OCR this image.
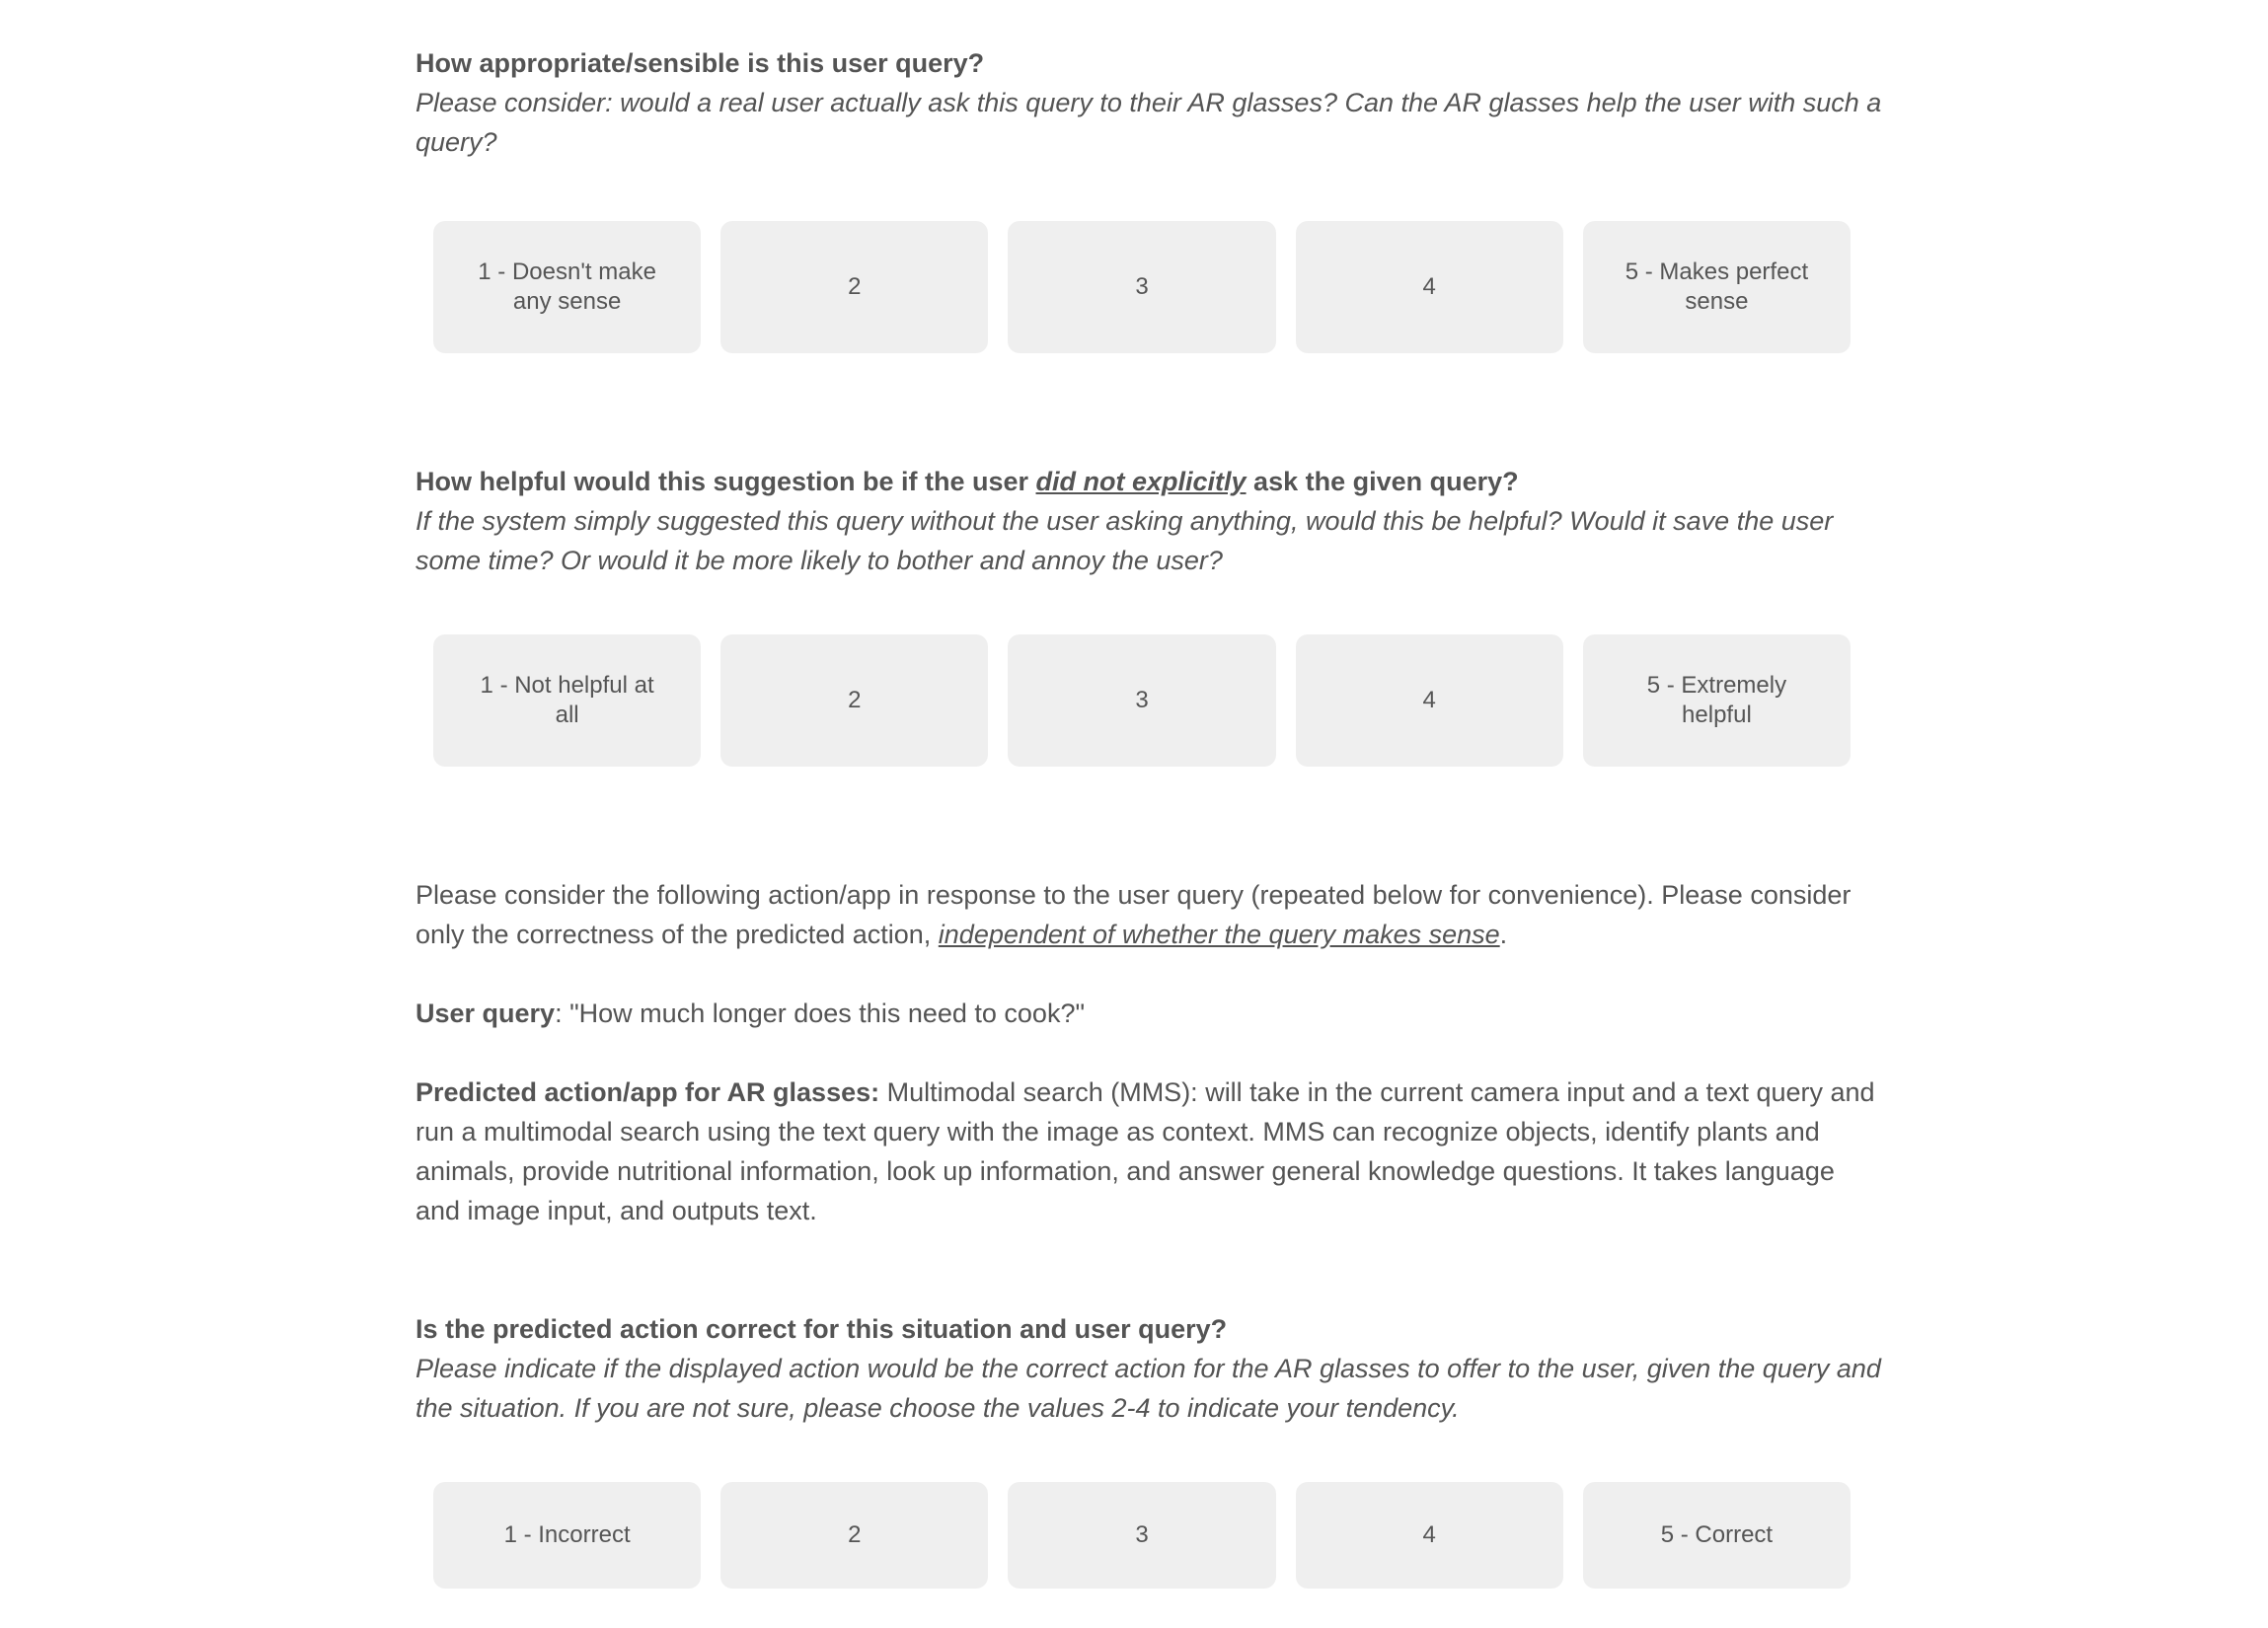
How appropriate/sensible is this user query?
Please consider: would a real user actually ask this query to their AR glasses? Can the AR glasses help the user with such a query?
1 - Doesn't make any sense
2	3	4
5 - Makes perfect sense
How helpful would this suggestion be if the user did not explicitly ask the given query?
If the system simply suggested this query without the user asking anything, would this be helpful? Would it save the user some time? Or would it be more likely to bother and annoy the user?
1 - Not helpful at all
2	3	4
5 - Extremely helpful
Please consider the following action/app in response to the user query (repeated below for convenience). Please consider only the correctness of the predicted action, independent of whether the query makes sense.
User query: "How much longer does this need to cook?"
Predicted action/app for AR glasses: Multimodal search (MMS): will take in the current camera input and a text query and run a multimodal search using the text query with the image as context. MMS can recognize objects, identify plants and animals, provide nutritional information, look up information, and answer general knowledge questions. It takes language and image input, and outputs text.
Is the predicted action correct for this situation and user query?
Please indicate if the displayed action would be the correct action for the AR glasses to offer to the user, given the query and the situation. If you are not sure, please choose the values 2-4 to indicate your tendency.
1 - Incorrect	2	3	4	5 - Correct
